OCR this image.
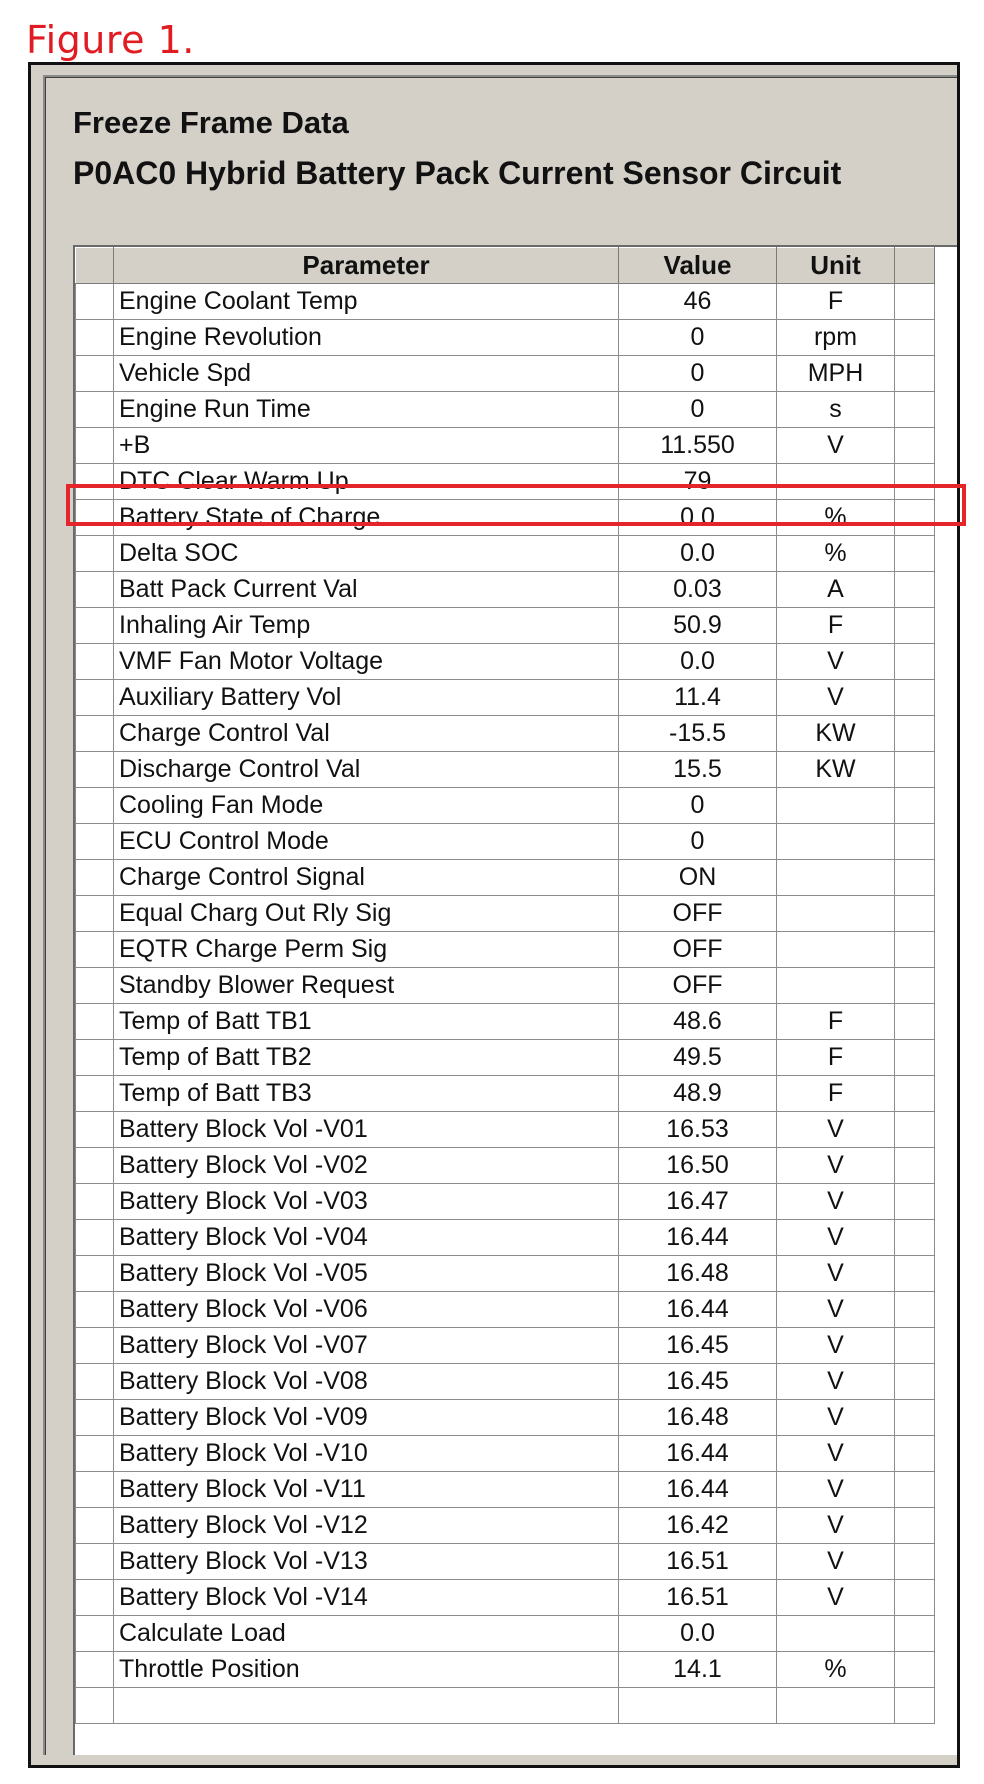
Figure 1.
Freeze Frame Data
P0AC0 Hybrid Battery Pack Current Sensor Circuit
	Parameter	Value	Unit	
	Engine Coolant Temp	46	F	
	Engine Revolution	0	rpm	
	Vehicle Spd	0	MPH	
	Engine Run Time	0	s	
	+B	11.550	V	
	DTC Clear Warm Up	79		
	Battery State of Charge	0.0	%	
	Delta SOC	0.0	%	
	Batt Pack Current Val	0.03	A	
	Inhaling Air Temp	50.9	F	
	VMF Fan Motor Voltage	0.0	V	
	Auxiliary Battery Vol	11.4	V	
	Charge Control Val	-15.5	KW	
	Discharge Control Val	15.5	KW	
	Cooling Fan Mode	0		
	ECU Control Mode	0		
	Charge Control Signal	ON		
	Equal Charg Out Rly Sig	OFF		
	EQTR Charge Perm Sig	OFF		
	Standby Blower Request	OFF		
	Temp of Batt TB1	48.6	F	
	Temp of Batt TB2	49.5	F	
	Temp of Batt TB3	48.9	F	
	Battery Block Vol -V01	16.53	V	
	Battery Block Vol -V02	16.50	V	
	Battery Block Vol -V03	16.47	V	
	Battery Block Vol -V04	16.44	V	
	Battery Block Vol -V05	16.48	V	
	Battery Block Vol -V06	16.44	V	
	Battery Block Vol -V07	16.45	V	
	Battery Block Vol -V08	16.45	V	
	Battery Block Vol -V09	16.48	V	
	Battery Block Vol -V10	16.44	V	
	Battery Block Vol -V11	16.44	V	
	Battery Block Vol -V12	16.42	V	
	Battery Block Vol -V13	16.51	V	
	Battery Block Vol -V14	16.51	V	
	Calculate Load	0.0		
	Throttle Position	14.1	%	
